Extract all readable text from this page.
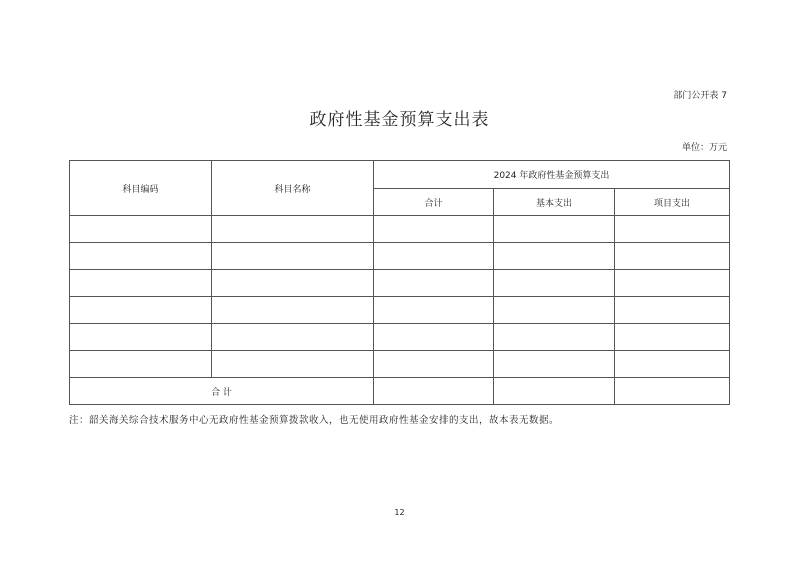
部门公开表 7
政府性基金预算支出表
单位：万元
科目编码	科目名称	2024 年政府性基金预算支出		
		合计	基本支出	项目支出

合 计				
注：韶关海关综合技术服务中心无政府性基金预算拨款收入，也无使用政府性基金安排的支出，故本表无数据。
12
